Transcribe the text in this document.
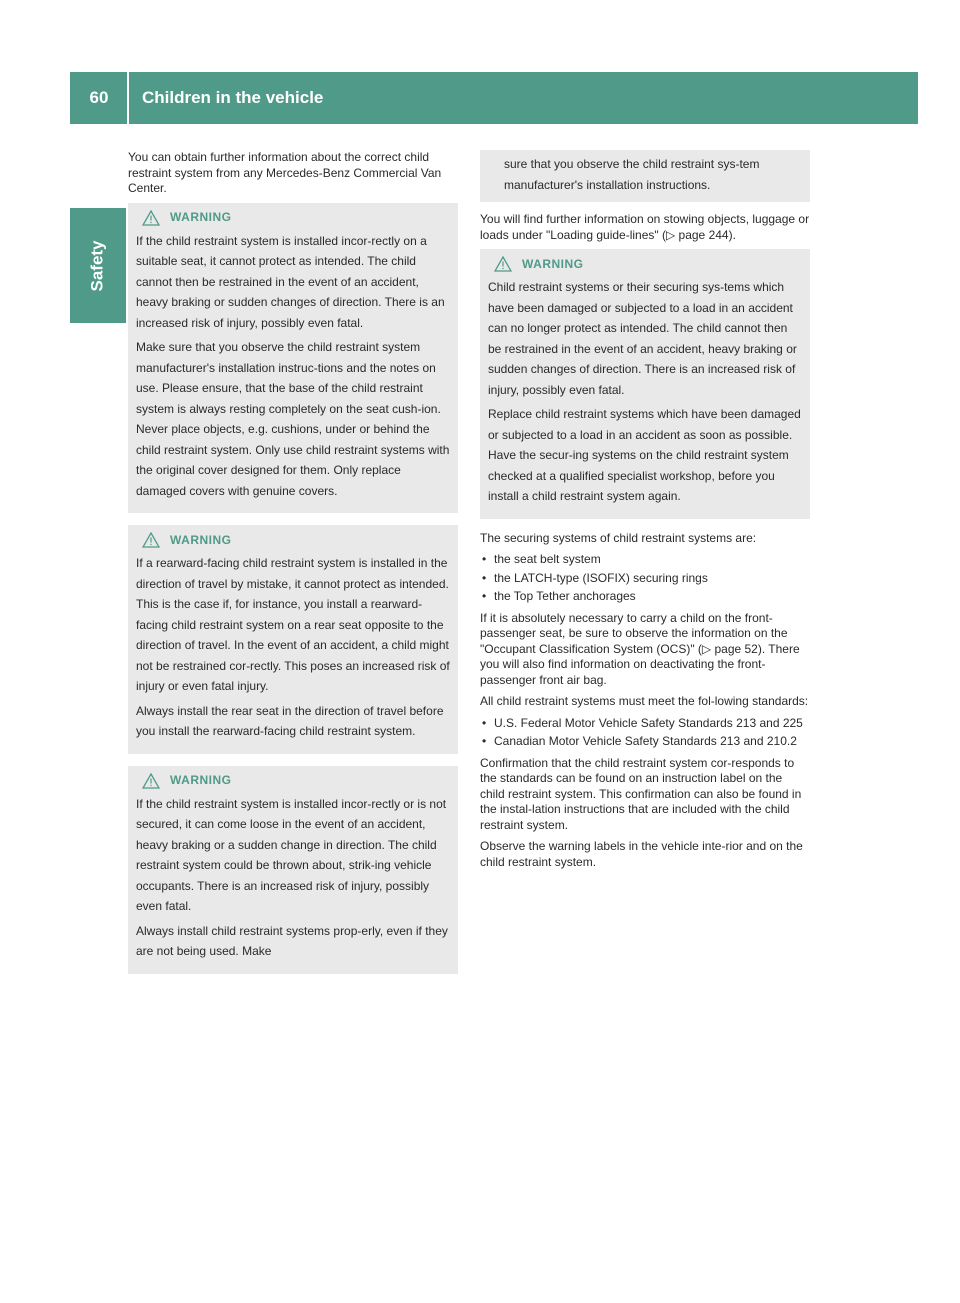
60	Children in the vehicle
Safety

You can obtain further information about the correct child restraint system from any Mercedes-Benz Commercial Van Center.

WARNING

If the child restraint system is installed incor-rectly on a suitable seat, it cannot protect as intended. The child cannot then be restrained in the event of an accident, heavy braking or sudden changes of direction. There is an increased risk of injury, possibly even fatal.

Make sure that you observe the child restraint system manufacturer's installation instruc-tions and the notes on use. Please ensure, that the base of the child restraint system is always resting completely on the seat cush-ion. Never place objects, e.g. cushions, under or behind the child restraint system. Only use child restraint systems with the original cover designed for them. Only replace damaged covers with genuine covers.

WARNING

If a rearward-facing child restraint system is installed in the direction of travel by mistake, it cannot protect as intended. This is the case if, for instance, you install a rearward-facing child restraint system on a rear seat opposite to the direction of travel. In the event of an accident, a child might not be restrained cor-rectly. This poses an increased risk of injury or even fatal injury.

Always install the rear seat in the direction of travel before you install the rearward-facing child restraint system.

WARNING

If the child restraint system is installed incor-rectly or is not secured, it can come loose in the event of an accident, heavy braking or a sudden change in direction. The child restraint system could be thrown about, strik-ing vehicle occupants. There is an increased risk of injury, possibly even fatal.

Always install child restraint systems prop-erly, even if they are not being used. Make

sure that you observe the child restraint sys-tem manufacturer's installation instructions.

You will find further information on stowing objects, luggage or loads under "Loading guide-lines" (▷ page 244).

WARNING

Child restraint systems or their securing sys-tems which have been damaged or subjected to a load in an accident can no longer protect as intended. The child cannot then be restrained in the event of an accident, heavy braking or sudden changes of direction. There is an increased risk of injury, possibly even fatal.

Replace child restraint systems which have been damaged or subjected to a load in an accident as soon as possible. Have the secur-ing systems on the child restraint system checked at a qualified specialist workshop, before you install a child restraint system again.

The securing systems of child restraint systems are:

• the seat belt system
• the LATCH-type (ISOFIX) securing rings
• the Top Tether anchorages

If it is absolutely necessary to carry a child on the front-passenger seat, be sure to observe the information on the "Occupant Classification System (OCS)" (▷ page 52). There you will also find information on deactivating the front-passenger front air bag.

All child restraint systems must meet the fol-lowing standards:

• U.S. Federal Motor Vehicle Safety Standards 213 and 225
• Canadian Motor Vehicle Safety Standards 213 and 210.2

Confirmation that the child restraint system cor-responds to the standards can be found on an instruction label on the child restraint system. This confirmation can also be found in the instal-lation instructions that are included with the child restraint system.

Observe the warning labels in the vehicle inte-rior and on the child restraint system.
